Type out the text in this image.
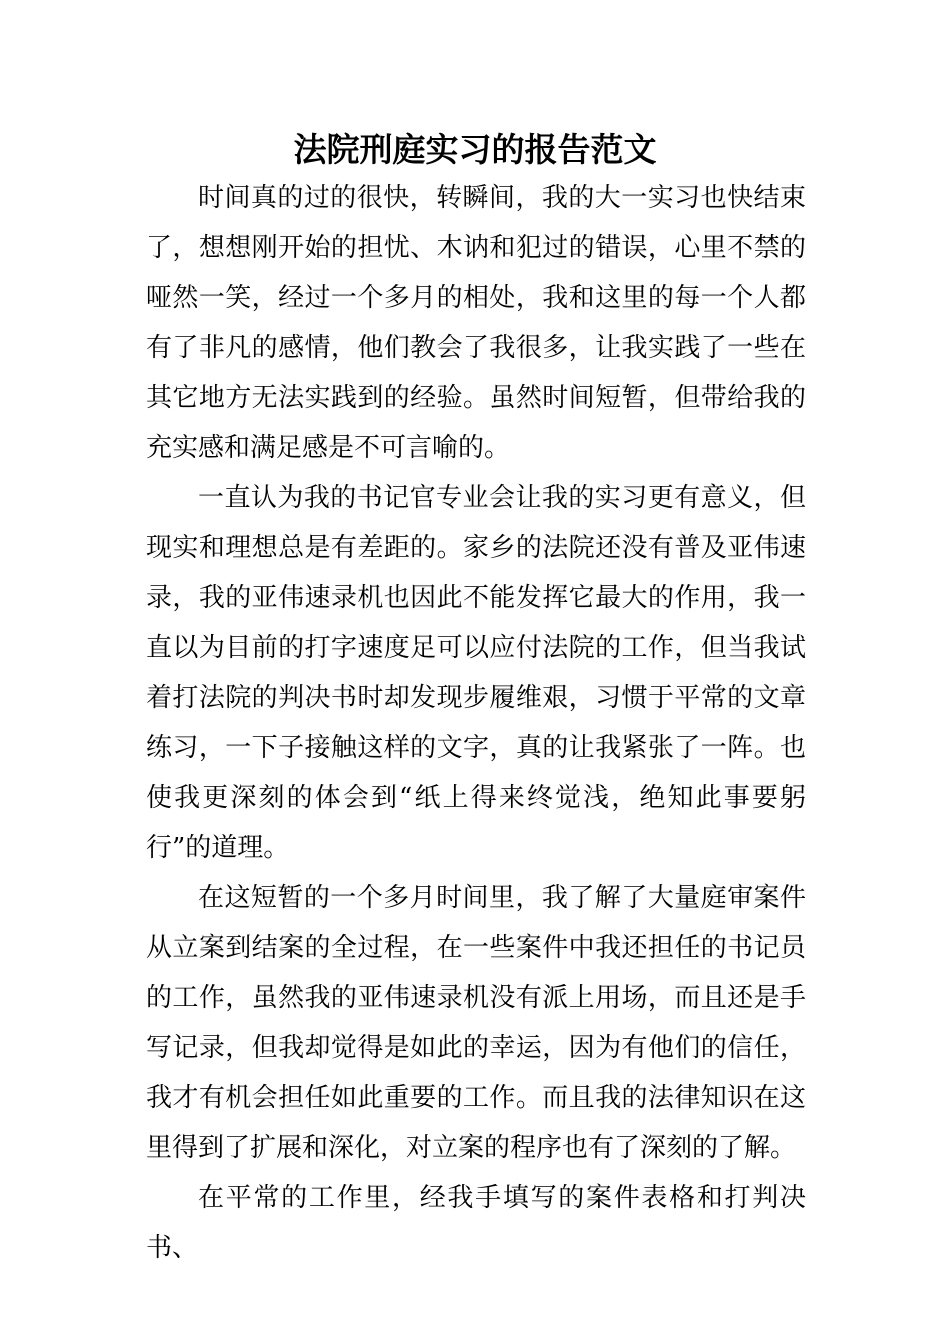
法院刑庭实习的报告范文

时间真的过的很快，转瞬间，我的大一实习也快结束了，想想刚开始的担忧、木讷和犯过的错误，心里不禁的哑然一笑，经过一个多月的相处，我和这里的每一个人都有了非凡的感情，他们教会了我很多，让我实践了一些在其它地方无法实践到的经验。虽然时间短暂，但带给我的充实感和满足感是不可言喻的。

一直认为我的书记官专业会让我的实习更有意义，但现实和理想总是有差距的。家乡的法院还没有普及亚伟速录，我的亚伟速录机也因此不能发挥它最大的作用，我一直以为目前的打字速度足可以应付法院的工作，但当我试着打法院的判决书时却发现步履维艰，习惯于平常的文章练习，一下子接触这样的文字，真的让我紧张了一阵。也使我更深刻的体会到“纸上得来终觉浅，绝知此事要躬行”的道理。

在这短暂的一个多月时间里，我了解了大量庭审案件从立案到结案的全过程，在一些案件中我还担任的书记员的工作，虽然我的亚伟速录机没有派上用场，而且还是手写记录，但我却觉得是如此的幸运，因为有他们的信任，我才有机会担任如此重要的工作。而且我的法律知识在这里得到了扩展和深化，对立案的程序也有了深刻的了解。

在平常的工作里，经我手填写的案件表格和打判决书、
